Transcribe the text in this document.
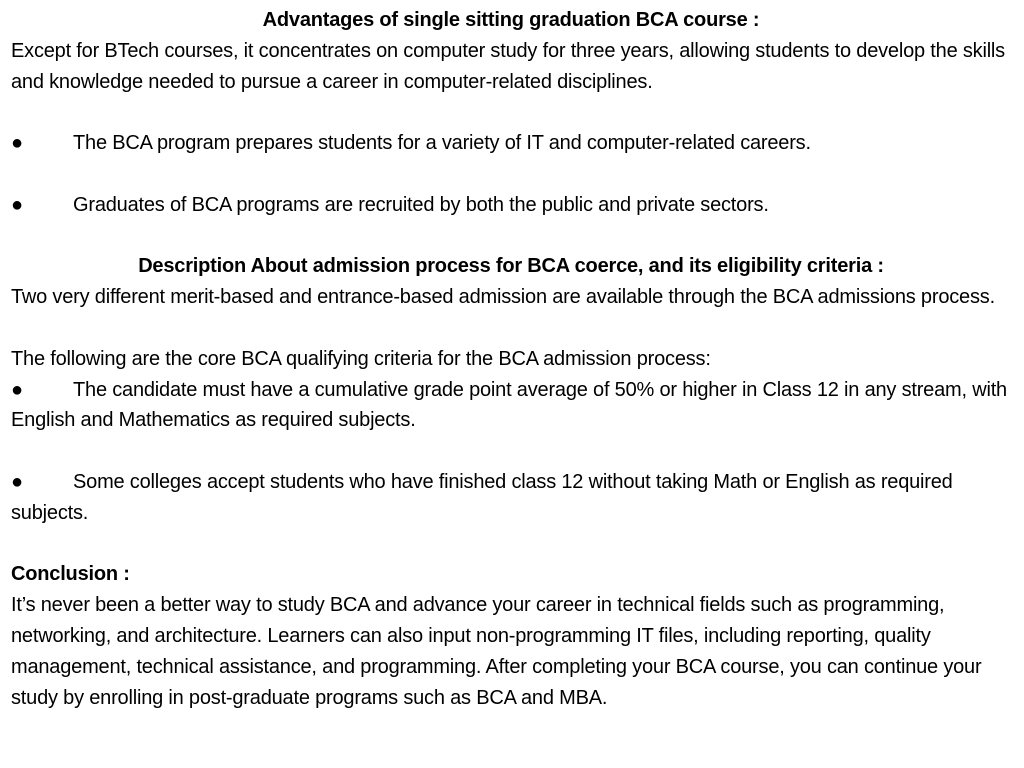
Advantages of single sitting graduation BCA course :

Except for BTech courses, it concentrates on computer study for three years, allowing students to develop the skills and knowledge needed to pursue a career in computer-related disciplines.

●	The BCA program prepares students for a variety of IT and computer-related careers.

●	Graduates of BCA programs are recruited by both the public and private sectors.

Description About admission process for BCA coerce, and its eligibility criteria :

Two very different merit-based and entrance-based admission are available through the BCA admissions process.

The following are the core BCA qualifying criteria for the BCA admission process:

●	The candidate must have a cumulative grade point average of 50% or higher in Class 12 in any stream, with English and Mathematics as required subjects.

●	Some colleges accept students who have finished class 12 without taking Math or English as required subjects.

Conclusion :

It’s never been a better way to study BCA and advance your career in technical fields such as programming, networking, and architecture. Learners can also input non-programming IT files, including reporting, quality management, technical assistance, and programming. After completing your BCA course, you can continue your study by enrolling in post-graduate programs such as BCA and MBA.
